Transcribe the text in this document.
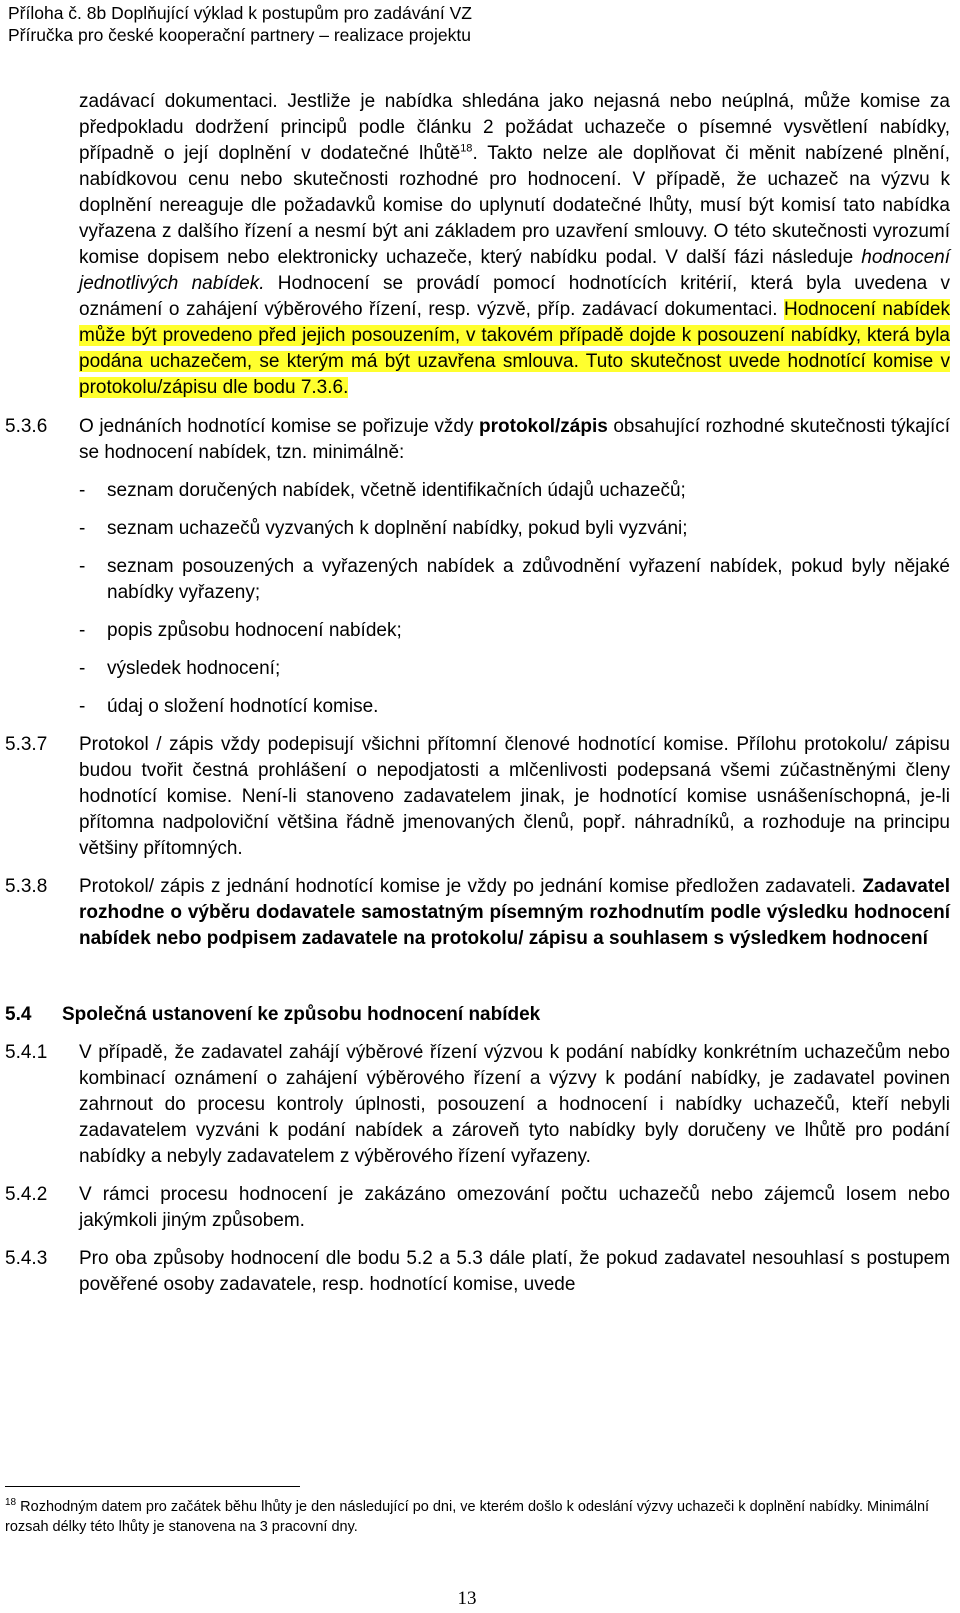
Příloha č. 8b Doplňující výklad k postupům pro zadávání VZ
Příručka pro české kooperační partnery – realizace projektu

zadávací dokumentaci. Jestliže je nabídka shledána jako nejasná nebo neúplná, může komise za předpokladu dodržení principů podle článku 2 požádat uchazeče o písemné vysvětlení nabídky, případně o její doplnění v dodatečné lhůtě$^{18}$. Takto nelze ale doplňovat či měnit nabízené plnění, nabídkovou cenu nebo skutečnosti rozhodné pro hodnocení. V případě, že uchazeč na výzvu k doplnění nereaguje dle požadavků komise do uplynutí dodatečné lhůty, musí být komisí tato nabídka vyřazena z dalšího řízení a nesmí být ani základem pro uzavření smlouvy. O této skutečnosti vyrozumí komise dopisem nebo elektronicky uchazeče, který nabídku podal. V další fázi následuje hodnocení jednotlivých nabídek. Hodnocení se provádí pomocí hodnotících kritérií, která byla uvedena v oznámení o zahájení výběrového řízení, resp. výzvě, příp. zadávací dokumentaci. Hodnocení nabídek může být provedeno před jejich posouzením, v takovém případě dojde k posouzení nabídky, která byla podána uchazečem, se kterým má být uzavřena smlouva. Tuto skutečnost uvede hodnotící komise v protokolu/zápisu dle bodu 7.3.6.

5.3.6	O jednáních hodnotící komise se pořizuje vždy protokol/zápis obsahující rozhodné skutečnosti týkající se hodnocení nabídek, tzn. minimálně:

- seznam doručených nabídek, včetně identifikačních údajů uchazečů;
- seznam uchazečů vyzvaných k doplnění nabídky, pokud byli vyzváni;
- seznam posouzených a vyřazených nabídek a zdůvodnění vyřazení nabídek, pokud byly nějaké nabídky vyřazeny;
- popis způsobu hodnocení nabídek;
- výsledek hodnocení;
- údaj o složení hodnotící komise.
5.3.7	Protokol / zápis vždy podepisují všichni přítomní členové hodnotící komise. Přílohu protokolu/ zápisu budou tvořit čestná prohlášení o nepodjatosti a mlčenlivosti podepsaná všemi zúčastněnými členy hodnotící komise. Není-li stanoveno zadavatelem jinak, je hodnotící komise usnášeníschopná, je-li přítomna nadpoloviční většina řádně jmenovaných členů, popř. náhradníků, a rozhoduje na principu většiny přítomných.

5.3.8	Protokol/ zápis z jednání hodnotící komise je vždy po jednání komise předložen zadavateli. Zadavatel rozhodne o výběru dodavatele samostatným písemným rozhodnutím podle výsledku hodnocení nabídek nebo podpisem zadavatele na protokolu/ zápisu a souhlasem s výsledkem hodnocení

5.4	Společná ustanovení ke způsobu hodnocení nabídek

5.4.1	V případě, že zadavatel zahájí výběrové řízení výzvou k podání nabídky konkrétním uchazečům nebo kombinací oznámení o zahájení výběrového řízení a výzvy k podání nabídky, je zadavatel povinen zahrnout do procesu kontroly úplnosti, posouzení a hodnocení i nabídky uchazečů, kteří nebyli zadavatelem vyzváni k podání nabídek a zároveň tyto nabídky byly doručeny ve lhůtě pro podání nabídky a nebyly zadavatelem z výběrového řízení vyřazeny.

5.4.2	V rámci procesu hodnocení je zakázáno omezování počtu uchazečů nebo zájemců losem nebo jakýmkoli jiným způsobem.

5.4.3	Pro oba způsoby hodnocení dle bodu 5.2 a 5.3 dále platí, že pokud zadavatel nesouhlasí s postupem pověřené osoby zadavatele, resp. hodnotící komise, uvede

$^{18}$ Rozhodným datem pro začátek běhu lhůty je den následující po dni, ve kterém došlo k odeslání výzvy uchazeči k doplnění nabídky. Minimální rozsah délky této lhůty je stanovena na 3 pracovní dny.
13
